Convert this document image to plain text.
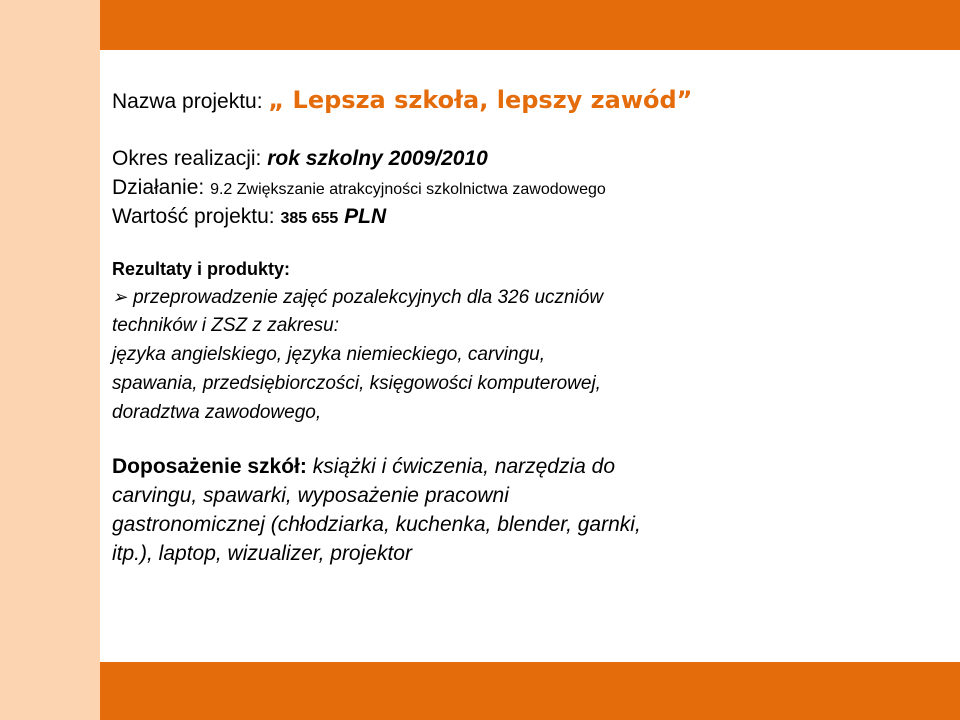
Nazwa projektu: „ Lepsza szkoła, lepszy zawód”
Okres realizacji: rok szkolny 2009/2010
Działanie: 9.2 Zwiększanie atrakcyjności szkolnictwa zawodowego
Wartość projektu: 385 655 PLN
Rezultaty i produkty:
➢ przeprowadzenie zajęć pozalekcyjnych dla 326 uczniów
techników i ZSZ z zakresu:
języka angielskiego, języka niemieckiego, carvingu,
spawania, przedsiębiorczości, księgowości komputerowej,
doradztwa zawodowego,
Doposażenie szkół: książki i ćwiczenia, narzędzia do
carvingu, spawarki, wyposażenie pracowni
gastronomicznej (chłodziarka, kuchenka, blender, garnki,
itp.), laptop, wizualizer, projektor
